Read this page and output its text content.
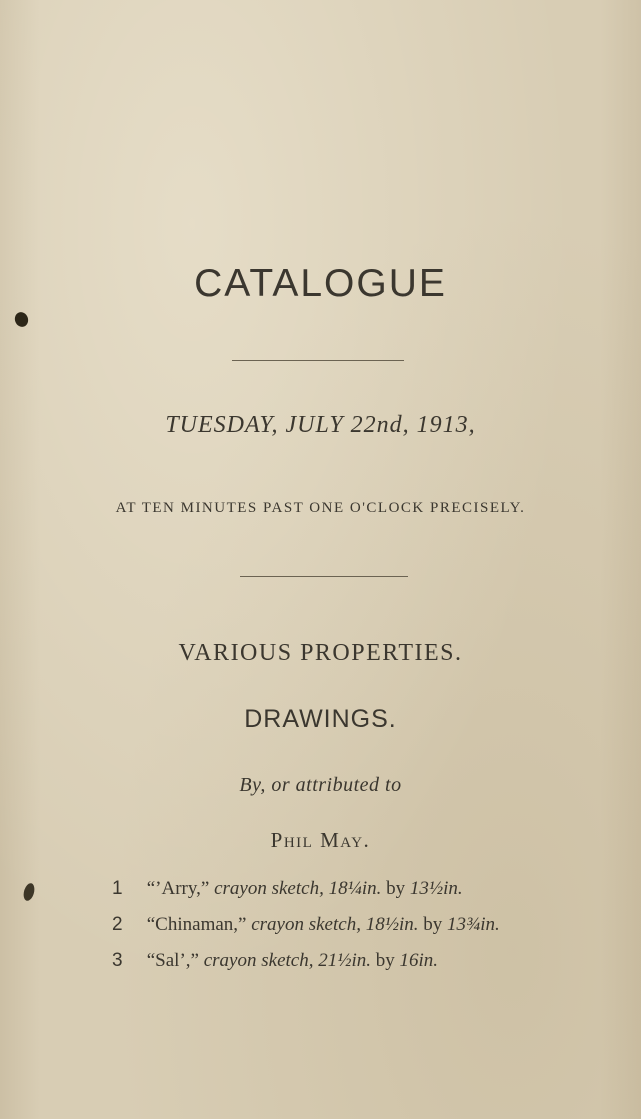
CATALOGUE
TUESDAY, JULY 22nd, 1913,
AT TEN MINUTES PAST ONE O'CLOCK PRECISELY.
VARIOUS PROPERTIES.
DRAWINGS.
By, or attributed to
Phil May.
1 “’Arry,” crayon sketch, 18¼in. by 13½in.
2 “Chinaman,” crayon sketch, 18½in. by 13¾in.
3 “Sal’,” crayon sketch, 21½in. by 16in.
